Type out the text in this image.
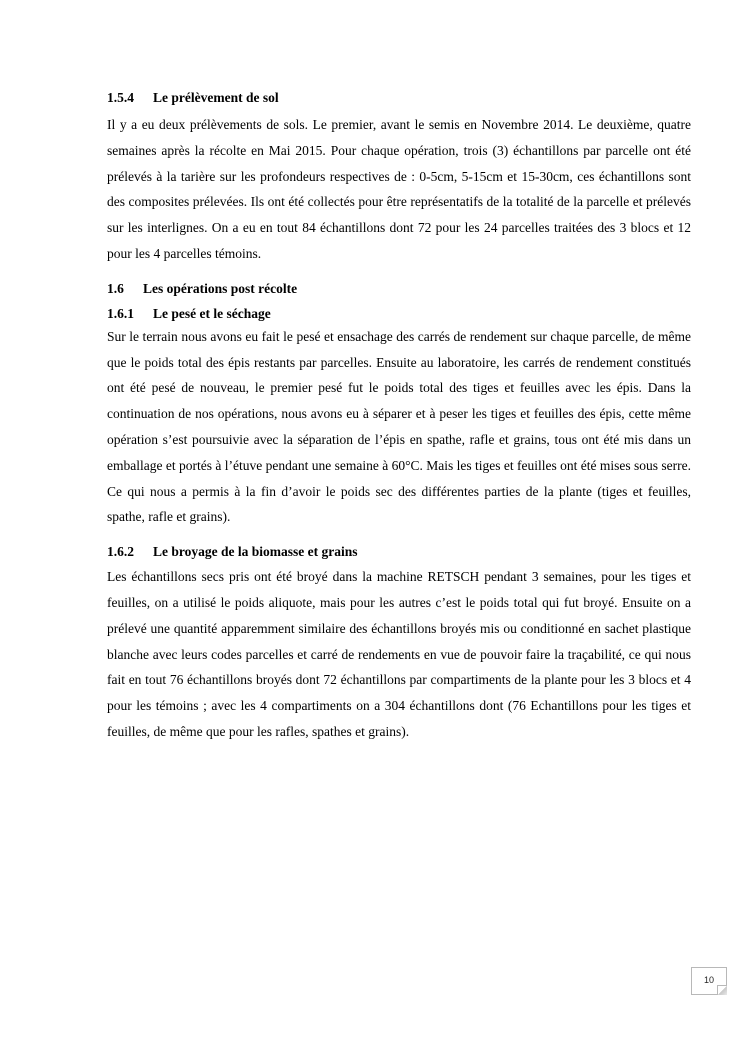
1.5.4 Le prélèvement de sol

Il y a eu deux prélèvements de sols. Le premier, avant le semis en Novembre 2014. Le deuxième, quatre semaines après la récolte en Mai 2015. Pour chaque opération, trois (3) échantillons par parcelle ont été prélevés à la tarière sur les profondeurs respectives de : 0-5cm, 5-15cm et 15-30cm, ces échantillons sont des composites prélevées. Ils ont été collectés pour être représentatifs de la totalité de la parcelle et prélevés sur les interlignes. On a eu en tout 84 échantillons dont 72 pour les 24 parcelles traitées des 3 blocs et 12 pour les 4 parcelles témoins.

1.6 Les opérations post récolte
1.6.1 Le pesé et le séchage

Sur le terrain nous avons eu fait le pesé et ensachage des carrés de rendement sur chaque parcelle, de même que le poids total des épis restants par parcelles. Ensuite au laboratoire, les carrés de rendement constitués ont été pesé de nouveau, le premier pesé fut le poids total des tiges et feuilles avec les épis. Dans la continuation de nos opérations, nous avons eu à séparer et à peser les tiges et feuilles des épis, cette même opération s’est poursuivie avec la séparation de l’épis en spathe, rafle et grains, tous ont été mis dans un emballage et portés à l’étuve pendant une semaine à 60°C. Mais les tiges et feuilles ont été mises sous serre. Ce qui nous a permis à la fin d’avoir le poids sec des différentes parties de la plante (tiges et feuilles, spathe, rafle et grains).

1.6.2 Le broyage de la biomasse et grains

Les échantillons secs pris ont été broyé dans la machine RETSCH pendant 3 semaines, pour les tiges et feuilles, on a utilisé le poids aliquote, mais pour les autres c’est le poids total qui fut broyé. Ensuite on a prélevé une quantité apparemment similaire des échantillons broyés mis ou conditionné en sachet plastique blanche avec leurs codes parcelles et carré de rendements en vue de pouvoir faire la traçabilité, ce qui nous fait en tout 76 échantillons broyés dont 72 échantillons par compartiments de la plante pour les 3 blocs et 4 pour les témoins ; avec les 4 compartiments on a 304 échantillons dont (76 Echantillons pour les tiges et feuilles, de même que pour les rafles, spathes et grains).

10
